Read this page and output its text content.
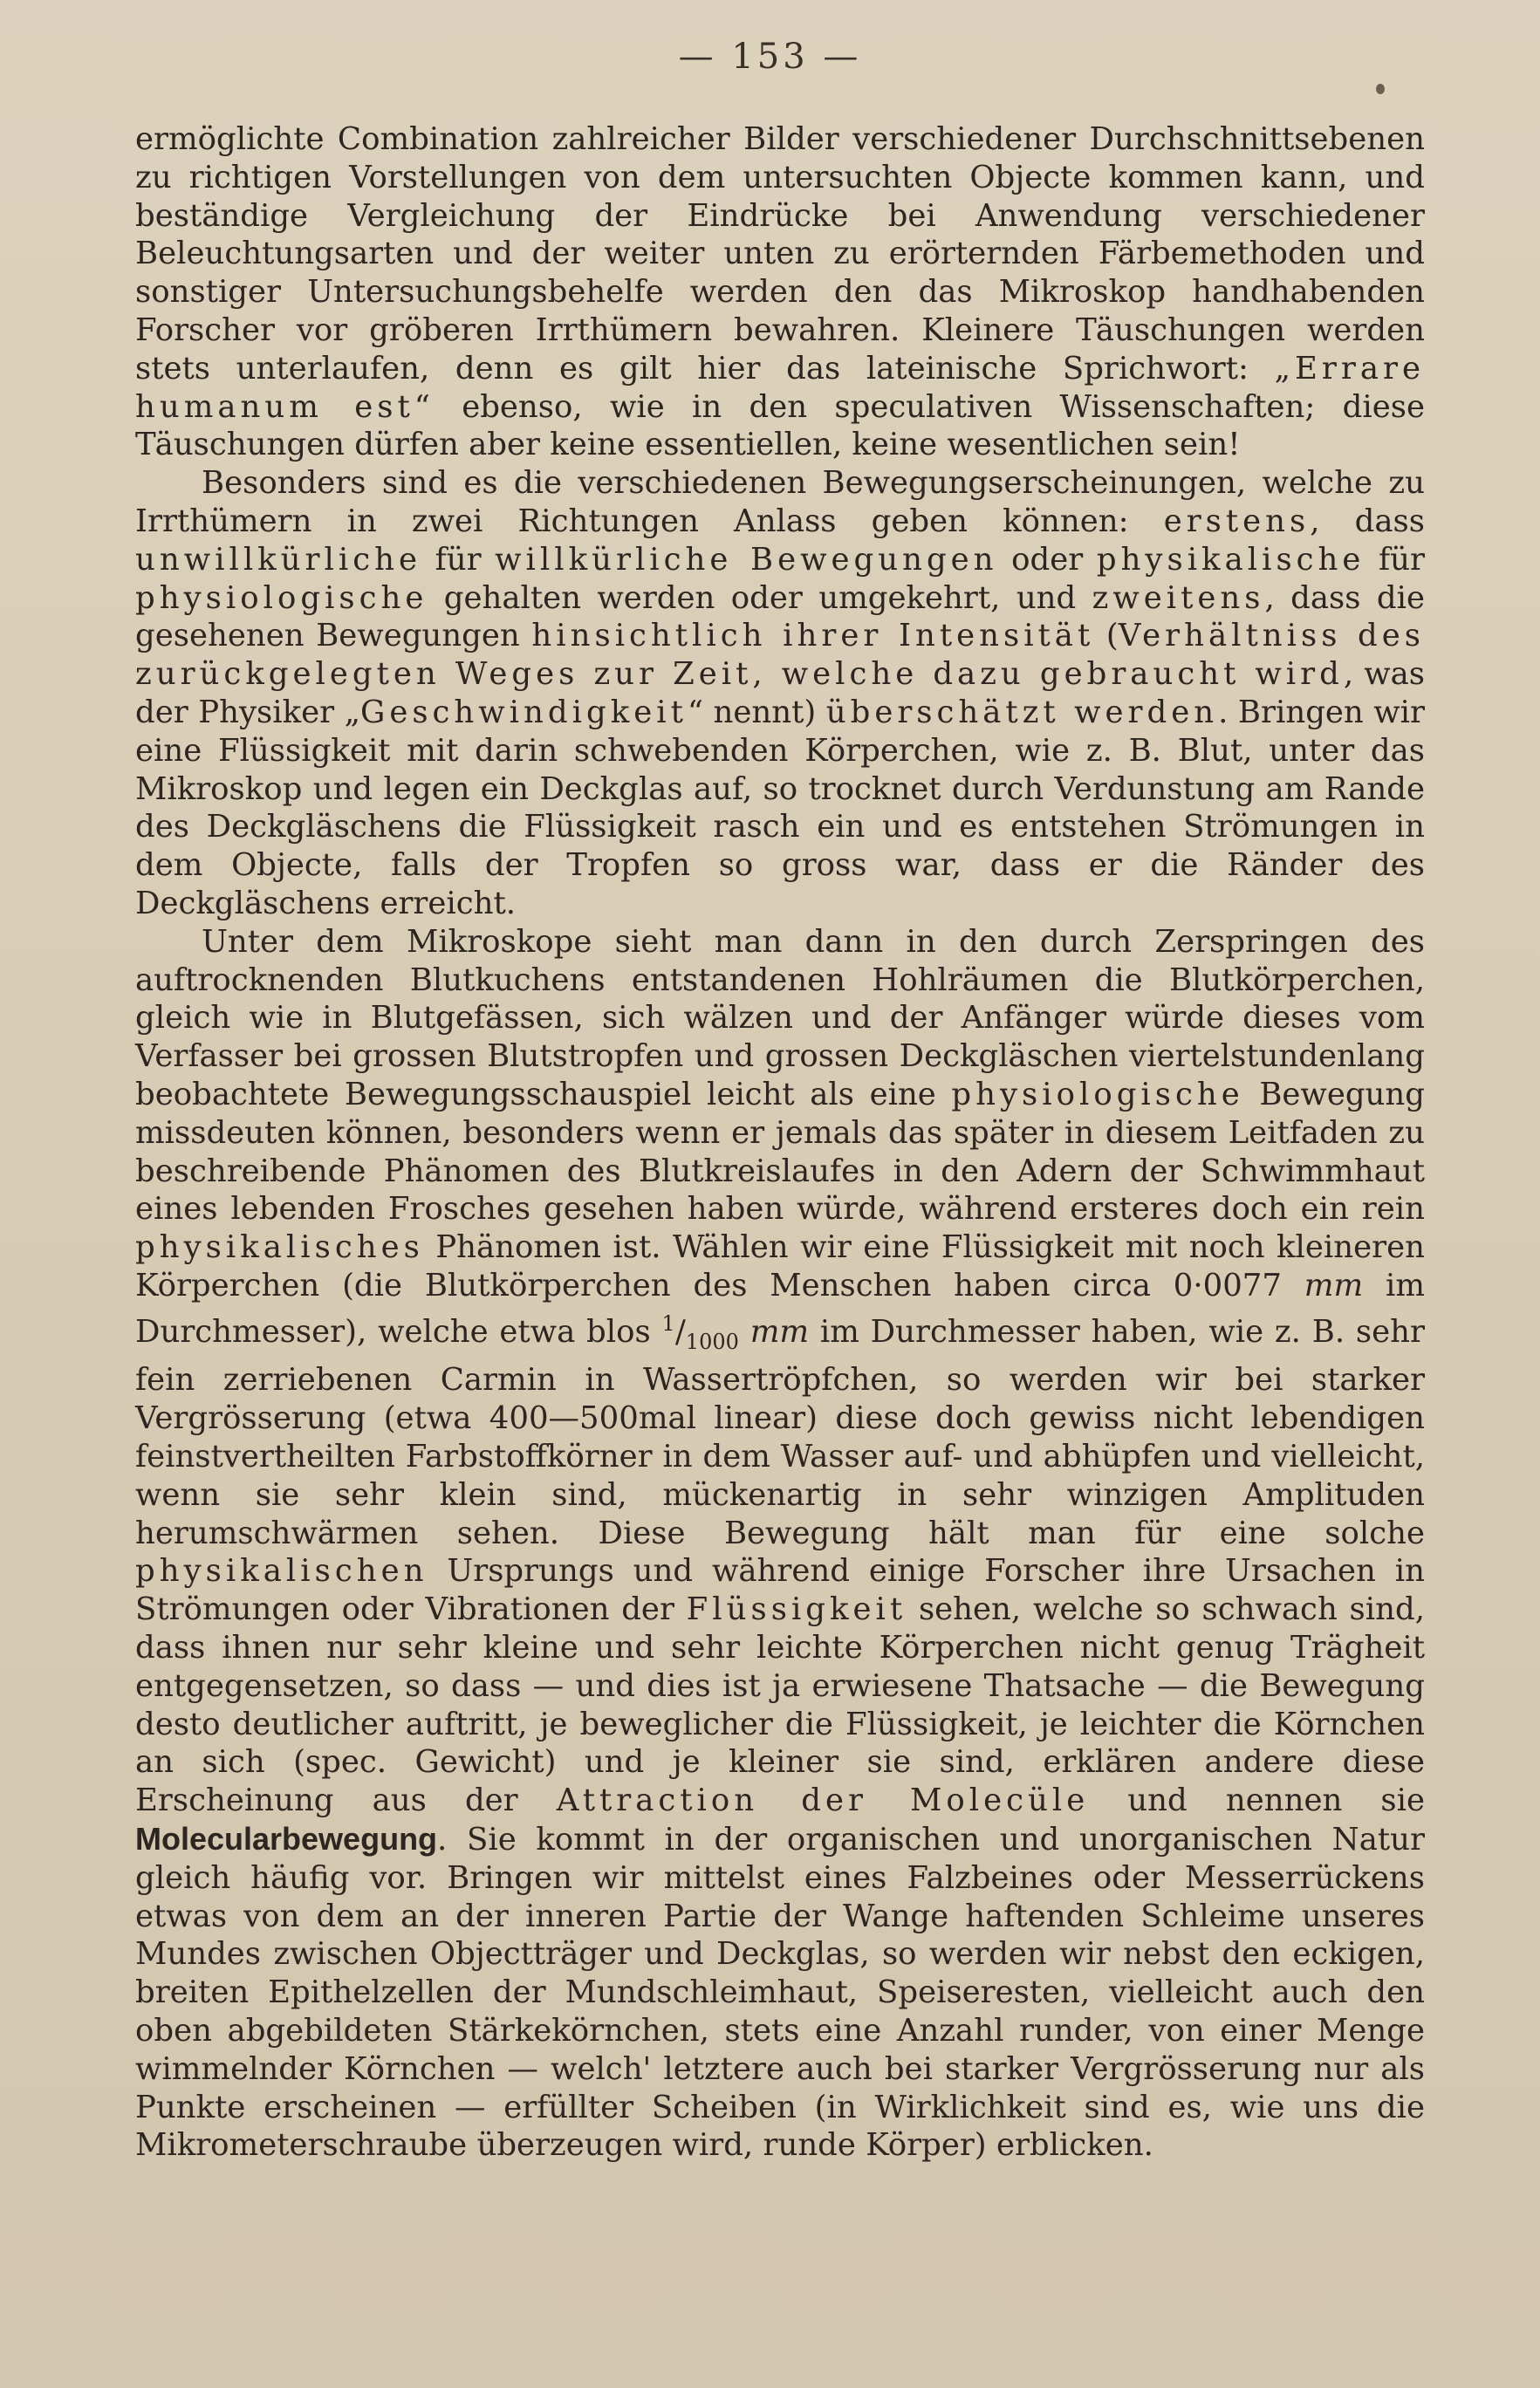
— 153 —

ermöglichte Combination zahlreicher Bilder verschiedener Durchschnittsebenen zu richtigen Vorstellungen von dem untersuchten Objecte kommen kann, und beständige Vergleichung der Eindrücke bei Anwendung verschiedener Beleuchtungsarten und der weiter unten zu erörternden Färbemethoden und sonstiger Untersuchungsbehelfe werden den das Mikroskop handhabenden Forscher vor gröberen Irrthümern bewahren. Kleinere Täuschungen werden stets unterlaufen, denn es gilt hier das lateinische Sprichwort: „Errare humanum est“ ebenso, wie in den speculativen Wissenschaften; diese Täuschungen dürfen aber keine essentiellen, keine wesentlichen sein!

Besonders sind es die verschiedenen Bewegungserscheinungen, welche zu Irrthümern in zwei Richtungen Anlass geben können: erstens, dass unwillkürliche für willkürliche Bewegungen oder physikalische für physiologische gehalten werden oder umgekehrt, und zweitens, dass die gesehenen Bewegungen hinsichtlich ihrer Intensität (Verhältniss des zurückgelegten Weges zur Zeit, welche dazu gebraucht wird, was der Physiker „Geschwindigkeit“ nennt) überschätzt werden. Bringen wir eine Flüssigkeit mit darin schwebenden Körperchen, wie z. B. Blut, unter das Mikroskop und legen ein Deckglas auf, so trocknet durch Verdunstung am Rande des Deckgläschens die Flüssigkeit rasch ein und es entstehen Strömungen in dem Objecte, falls der Tropfen so gross war, dass er die Ränder des Deckgläschens erreicht.

Unter dem Mikroskope sieht man dann in den durch Zerspringen des auftrocknenden Blutkuchens entstandenen Hohlräumen die Blutkörperchen, gleich wie in Blutgefässen, sich wälzen und der Anfänger würde dieses vom Verfasser bei grossen Blutstropfen und grossen Deckgläschen viertelstundenlang beobachtete Bewegungsschauspiel leicht als eine physiologische Bewegung missdeuten können, besonders wenn er jemals das später in diesem Leitfaden zu beschreibende Phänomen des Blutkreislaufes in den Adern der Schwimmhaut eines lebenden Frosches gesehen haben würde, während ersteres doch ein rein physikalisches Phänomen ist. Wählen wir eine Flüssigkeit mit noch kleineren Körperchen (die Blutkörperchen des Menschen haben circa 0·0077 mm im Durchmesser), welche etwa blos $^1/_{1000}$ mm im Durchmesser haben, wie z. B. sehr fein zerriebenen Carmin in Wassertröpfchen, so werden wir bei starker Vergrösserung (etwa 400—500mal linear) diese doch gewiss nicht lebendigen feinstvertheilten Farbstoffkörner in dem Wasser auf- und abhüpfen und vielleicht, wenn sie sehr klein sind, mückenartig in sehr winzigen Amplituden herumschwärmen sehen. Diese Bewegung hält man für eine solche physikalischen Ursprungs und während einige Forscher ihre Ursachen in Strömungen oder Vibrationen der Flüssigkeit sehen, welche so schwach sind, dass ihnen nur sehr kleine und sehr leichte Körperchen nicht genug Trägheit entgegensetzen, so dass — und dies ist ja erwiesene Thatsache — die Bewegung desto deutlicher auftritt, je beweglicher die Flüssigkeit, je leichter die Körnchen an sich (spec. Gewicht) und je kleiner sie sind, erklären andere diese Erscheinung aus der Attraction der Molecüle und nennen sie Molecularbewegung. Sie kommt in der organischen und unorganischen Natur gleich häufig vor. Bringen wir mittelst eines Falzbeines oder Messerrückens etwas von dem an der inneren Partie der Wange haftenden Schleime unseres Mundes zwischen Objectträger und Deckglas, so werden wir nebst den eckigen, breiten Epithelzellen der Mundschleimhaut, Speiseresten, vielleicht auch den oben abgebildeten Stärkekörnchen, stets eine Anzahl runder, von einer Menge wimmelnder Körnchen — welch' letztere auch bei starker Vergrösserung nur als Punkte erscheinen — erfüllter Scheiben (in Wirklichkeit sind es, wie uns die Mikrometerschraube überzeugen wird, runde Körper) erblicken.
